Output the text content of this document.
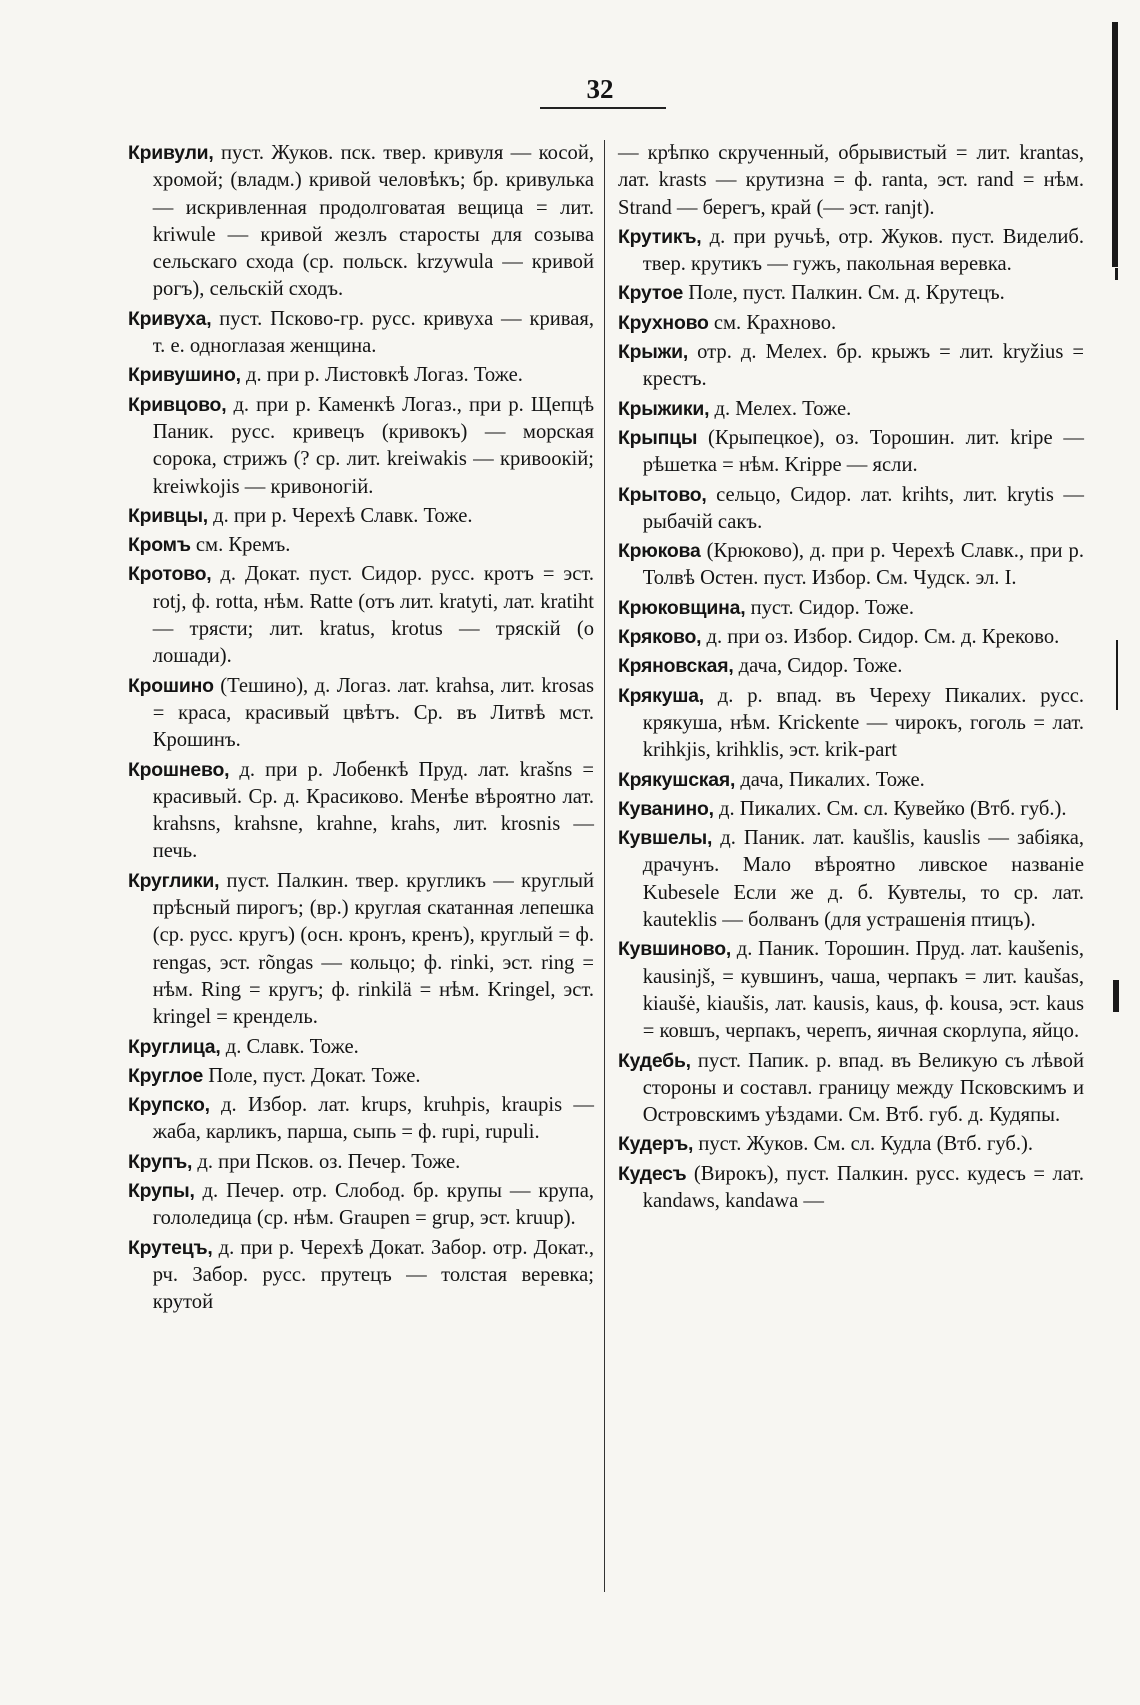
32

Кривули, пуст. Жуков. пск. твер. кривуля — косой, хромой; (владм.) кривой человѣкъ; бр. кривулька — искривленная продолговатая вещица = лит. kriwule — кривой жезлъ старосты для созыва сельскаго схода (ср. польск. krzywula — кривой рогъ), сельскій сходъ.

Кривуха, пуст. Псково-гр. русс. кривуха — кривая, т. е. одноглазая женщина.

Кривушино, д. при р. Листовкѣ Логаз. Тоже.

Кривцово, д. при р. Каменкѣ Логаз., при р. Щепцѣ Паник. русс. кривецъ (кривокъ) — морская сорока, стрижъ (? ср. лит. kreiwakis — кривоокій; kreiwkojis — кривоногій.

Кривцы, д. при р. Черехѣ Славк. Тоже.

Кромъ см. Кремъ.

Кротово, д. Докат. пуст. Сидор. русс. кротъ = эст. rotj, ф. rotta, нѣм. Ratte (отъ лит. kratyti, лат. kratiht — трясти; лит. kratus, krotus — тряскій (о лошади).

Крошино (Тешино), д. Логаз. лат. krahsa, лит. krosas = краса, красивый цвѣтъ. Ср. въ Литвѣ мст. Крошинъ.

Крошнево, д. при р. Лобенкѣ Пруд. лат. krašns = красивый. Ср. д. Красиково. Менѣе вѣроятно лат. krahsns, krahsne, krahne, krahs, лит. krosnis — печь.

Круглики, пуст. Палкин. твер. кругликъ — круглый прѣсный пирогъ; (вр.) круглая скатанная лепешка (ср. русс. кругъ) (осн. кронъ, кренъ), круглый = ф. rengas, эст. rõngas — кольцо; ф. rinki, эст. ring = нѣм. Ring = кругъ; ф. rinkilä = нѣм. Kringel, эст. kringel = крендель.

Круглица, д. Славк. Тоже.

Круглое Поле, пуст. Докат. Тоже.

Крупско, д. Избор. лат. krups, kruhpis, kraupis — жаба, карликъ, парша, сыпь = ф. rupi, rupuli.

Крупъ, д. при Псков. оз. Печер. Тоже.

Крупы, д. Печер. отр. Слобод. бр. крупы — крупа, гололедица (ср. нѣм. Graupen = grup, эст. kruup).

Крутецъ, д. при р. Черехѣ Докат. Забор. отр. Докат., рч. Забор. русс. прутецъ — толстая веревка; крутой

— крѣпко скрученный, обрывистый = лит. krantas, лат. krasts — крутизна = ф. ranta, эст. rand = нѣм. Strand — берегъ, край (— эст. ranjt).

Крутикъ, д. при ручьѣ, отр. Жуков. пуст. Виделиб. твер. крутикъ — гужъ, пакольная веревка.

Крутое Поле, пуст. Палкин. См. д. Крутецъ.

Крухново см. Крахново.

Крыжи, отр. д. Мелех. бр. крыжъ = лит. kryžius = крестъ.

Крыжики, д. Мелех. Тоже.

Крыпцы (Крыпецкое), оз. Торошин. лит. kripe — рѣшетка = нѣм. Krippe — ясли.

Крытово, сельцо, Сидор. лат. krihts, лит. krytis — рыбачій сакъ.

Крюкова (Крюково), д. при р. Черехѣ Славк., при р. Толвѣ Остен. пуст. Избор. См. Чудск. эл. I.

Крюковщина, пуст. Сидор. Тоже.

Кряково, д. при оз. Избор. Сидор. См. д. Креково.

Кряновская, дача, Сидор. Тоже.

Крякуша, д. р. впад. въ Череху Пикалих. русс. крякуша, нѣм. Krickente — чирокъ, гоголь = лат. krihkjis, krihklis, эст. krik-part

Крякушская, дача, Пикалих. Тоже.

Куванино, д. Пикалих. См. сл. Кувейко (Втб. губ.).

Кувшелы, д. Паник. лат. kaušlis, kauslis — забіяка, драчунъ. Мало вѣроятно ливское названіе Kubesele Если же д. б. Кувтелы, то ср. лат. kauteklis — болванъ (для устрашенія птицъ).

Кувшиново, д. Паник. Торошин. Пруд. лат. kaušenis, kausinjš, = кувшинъ, чаша, черпакъ = лит. kaušas, kiaušė, kiaušis, лат. kausis, kaus, ф. kousa, эст. kaus = ковшъ, черпакъ, черепъ, яичная скорлупа, яйцо.

Кудебь, пуст. Папик. р. впад. въ Великую съ лѣвой стороны и составл. границу между Псковскимъ и Островскимъ уѣздами. См. Втб. губ. д. Кудяпы.

Кудеръ, пуст. Жуков. См. сл. Кудла (Втб. губ.).

Кудесъ (Вирокъ), пуст. Палкин. русс. кудесъ = лат. kandaws, kandawa —
